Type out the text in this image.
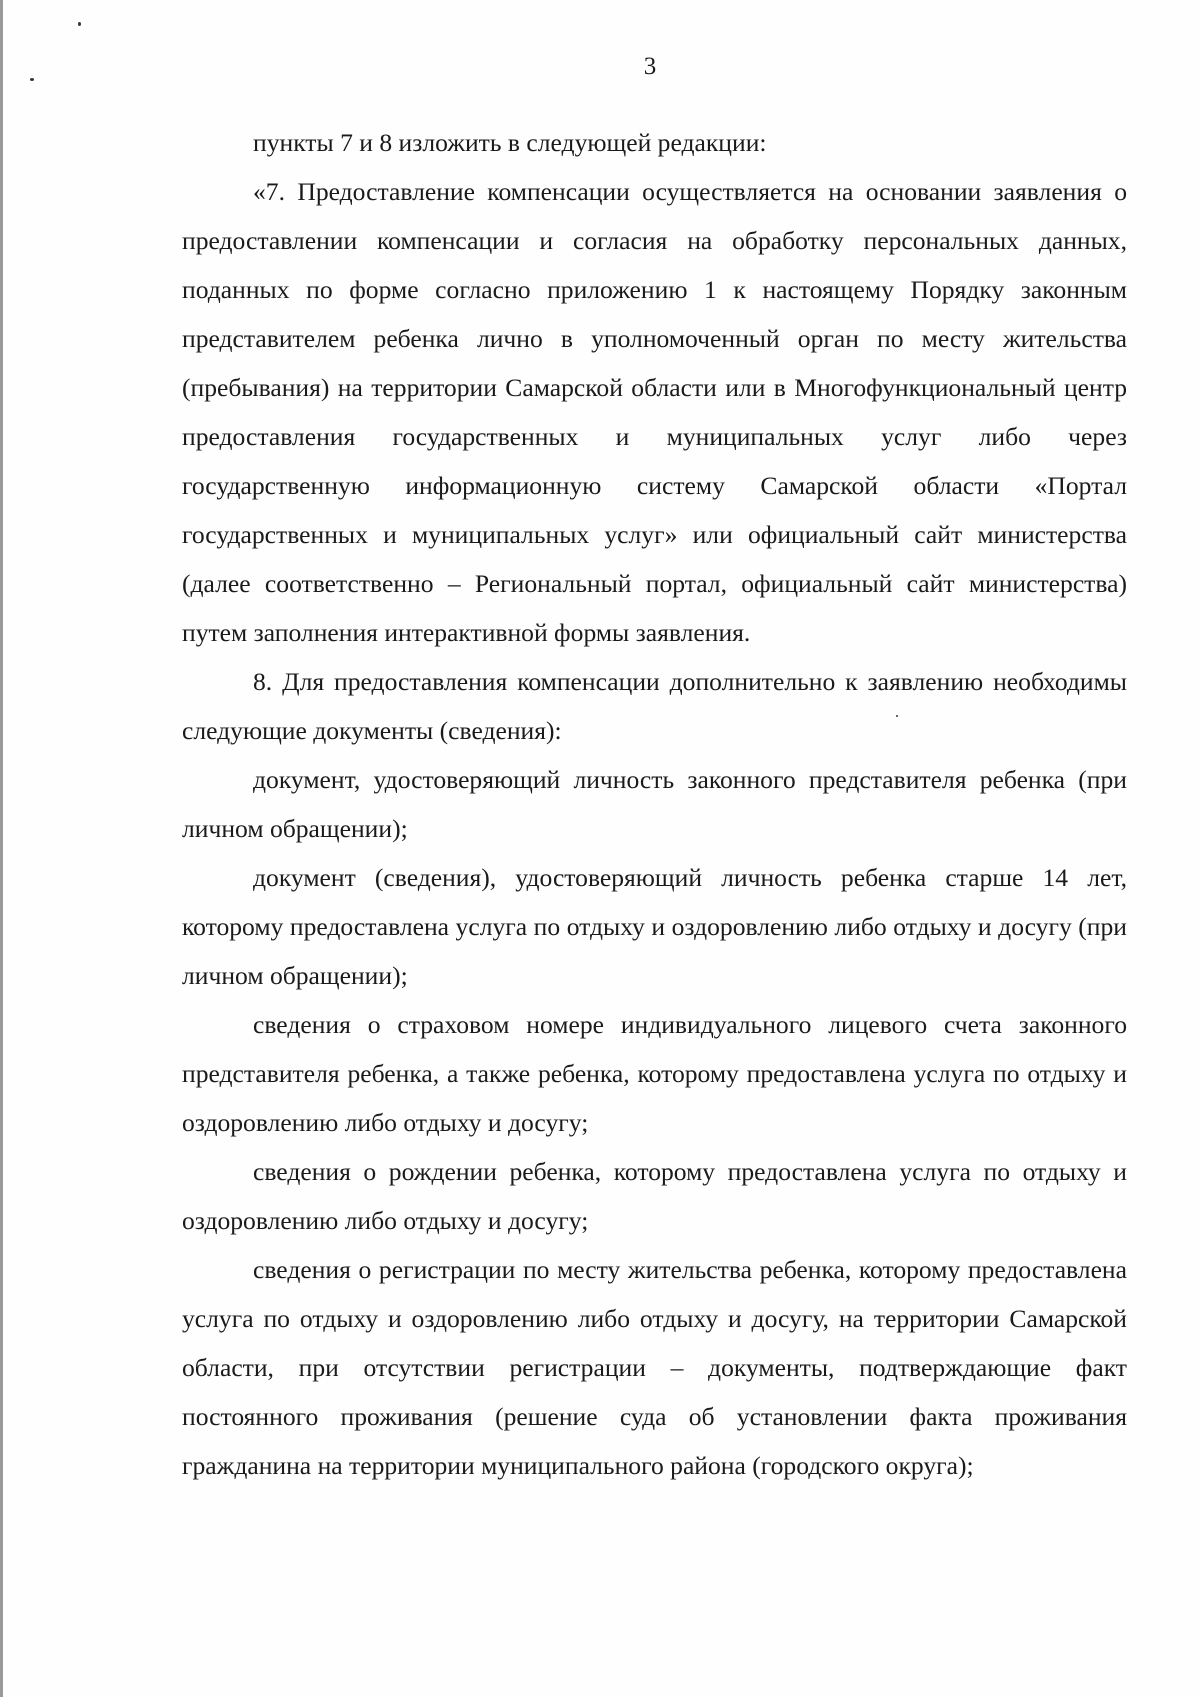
3

пункты 7 и 8 изложить в следующей редакции:

«7. Предоставление компенсации осуществляется на основании заявления о предоставлении компенсации и согласия на обработку персональных данных, поданных по форме согласно приложению 1 к настоящему Порядку законным представителем ребенка лично в уполномоченный орган по месту жительства (пребывания) на территории Самарской области или в Многофункциональный центр предоставления государственных и муниципальных услуг либо через государственную информационную систему Самарской области «Портал государственных и муниципальных услуг» или официальный сайт министерства (далее соответственно – Региональный портал, официальный сайт министерства) путем заполнения интерактивной формы заявления.

8. Для предоставления компенсации дополнительно к заявлению необходимы следующие документы (сведения):

документ, удостоверяющий личность законного представителя ребенка (при личном обращении);

документ (сведения), удостоверяющий личность ребенка старше 14 лет, которому предоставлена услуга по отдыху и оздоровлению либо отдыху и досугу (при личном обращении);

сведения о страховом номере индивидуального лицевого счета законного представителя ребенка, а также ребенка, которому предоставлена услуга по отдыху и оздоровлению либо отдыху и досугу;

сведения о рождении ребенка, которому предоставлена услуга по отдыху и оздоровлению либо отдыху и досугу;

сведения о регистрации по месту жительства ребенка, которому предоставлена услуга по отдыху и оздоровлению либо отдыху и досугу, на территории Самарской области, при отсутствии регистрации – документы, подтверждающие факт постоянного проживания (решение суда об установлении факта проживания гражданина на территории муниципального района (городского округа);
